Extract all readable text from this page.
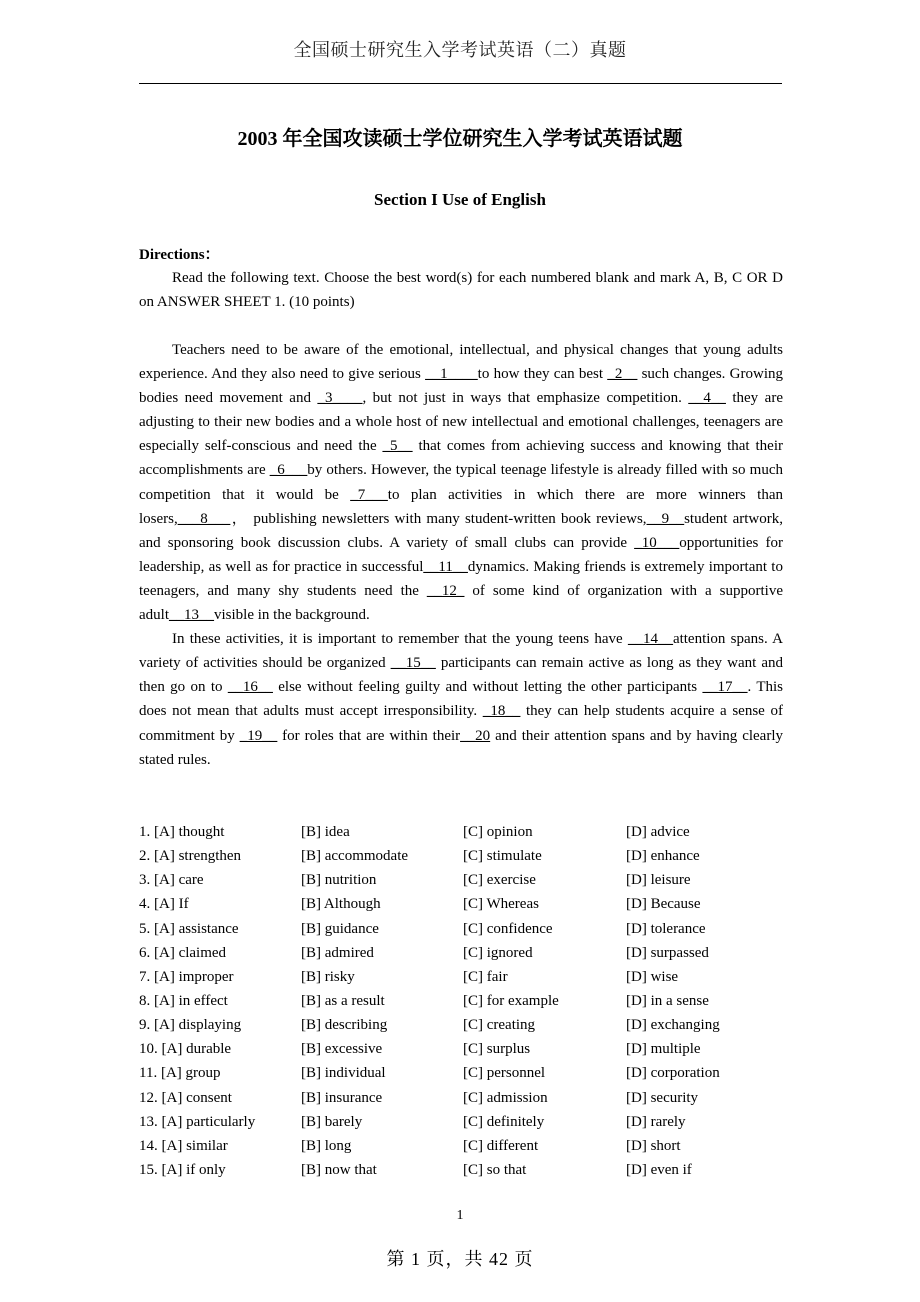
全国硕士研究生入学考试英语（二）真题
2003 年全国攻读硕士学位研究生入学考试英语试题
Section I Use of English
Directions：
Read the following text. Choose the best word(s) for each numbered blank and mark A, B, C OR D on ANSWER SHEET 1. (10 points)

Teachers need to be aware of the emotional, intellectual, and physical changes that young adults experience. And they also need to give serious __1____to how they can best _2__ such changes. Growing bodies need movement and _3____, but not just in ways that emphasize competition. __4__ they are adjusting to their new bodies and a whole host of new intellectual and emotional challenges, teenagers are especially self-conscious and need the _5__ that comes from achieving success and knowing that their accomplishments are _6___by others. However, the typical teenage lifestyle is already filled with so much competition that it would be _7___to plan activities in which there are more winners than losers,___8___， publishing newsletters with many student-written book reviews,__9__student artwork, and sponsoring book discussion clubs. A variety of small clubs can provide _10___opportunities for leadership, as well as for practice in successful__11__dynamics. Making friends is extremely important to teenagers, and many shy students need the __12_ of some kind of organization with a supportive adult__13__visible in the background.

In these activities, it is important to remember that the young teens have __14__attention spans. A variety of activities should be organized __15__ participants can remain active as long as they want and then go on to __16__ else without feeling guilty and without letting the other participants __17__. This does not mean that adults must accept irresponsibility. _18__ they can help students acquire a sense of commitment by _19__ for roles that are within their__20 and their attention spans and by having clearly stated rules.

1. [A] thought	[B] idea	[C] opinion	[D] advice
2. [A] strengthen	[B] accommodate	[C] stimulate	[D] enhance
3. [A] care	[B] nutrition	[C] exercise	[D] leisure
4. [A] If	[B] Although	[C] Whereas	[D] Because
5. [A] assistance	[B] guidance	[C] confidence	[D] tolerance
6. [A] claimed	[B] admired	[C] ignored	[D] surpassed
7. [A] improper	[B] risky	[C] fair	[D] wise
8. [A] in effect	[B] as a result	[C] for example	[D] in a sense
9. [A] displaying	[B] describing	[C] creating	[D] exchanging
10. [A] durable	[B] excessive	[C] surplus	[D] multiple
11. [A] group	[B] individual	[C] personnel	[D] corporation
12. [A] consent	[B] insurance	[C] admission	[D] security
13. [A] particularly	[B] barely	[C] definitely	[D] rarely
14. [A] similar	[B] long	[C] different	[D] short
15. [A] if only	[B] now that	[C] so that	[D] even if
1
第 1 页，共 42 页
